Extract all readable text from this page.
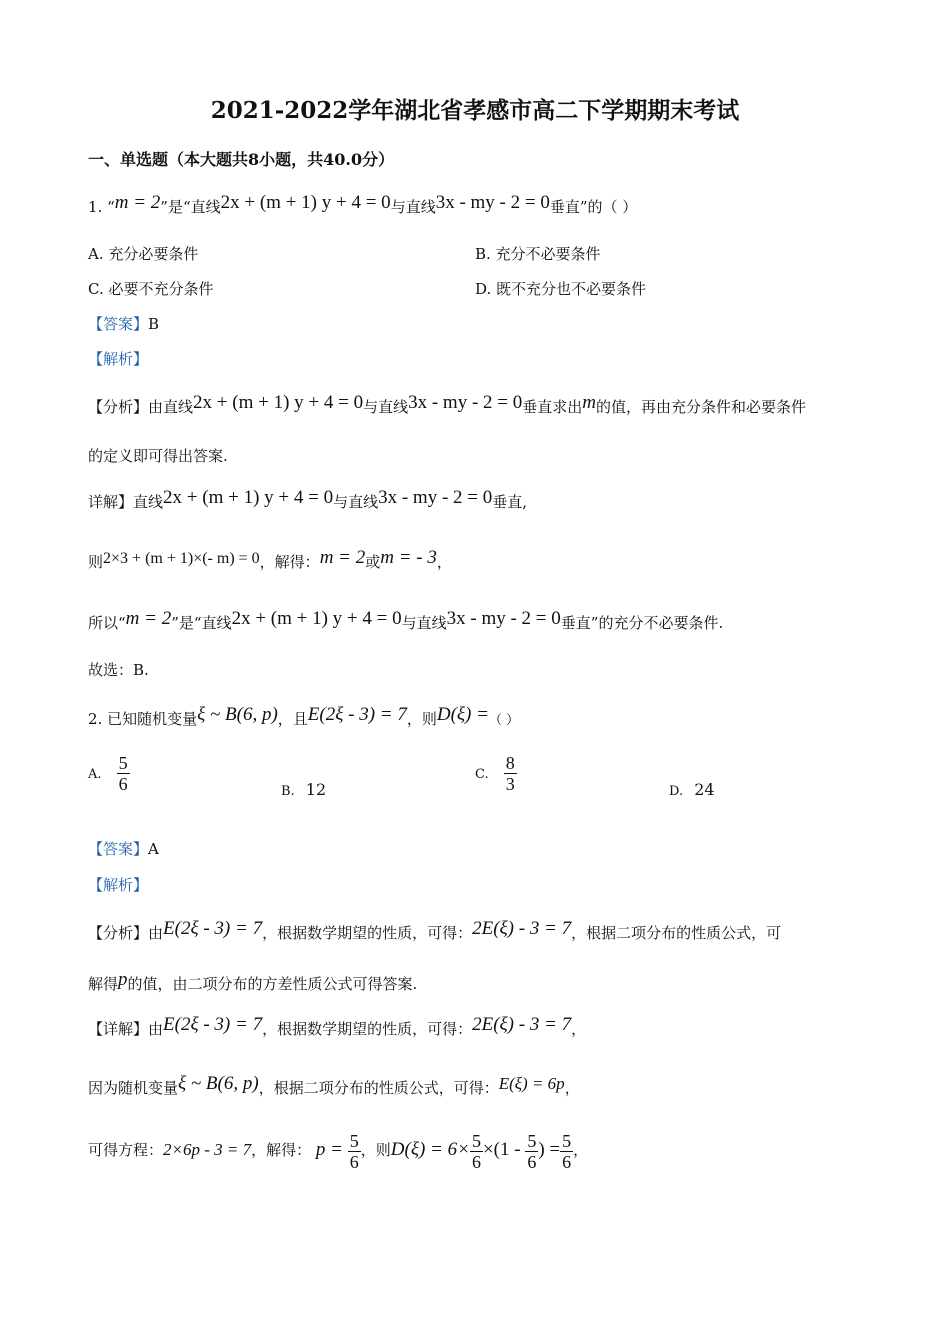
2021-2022学年湖北省孝感市高二下学期期末考试
一、单选题（本大题共8小题，共40.0分）
1. “m = 2”是“直线2x + (m + 1) y + 4 = 0与直线3x - my - 2 = 0垂直”的（ ）
A. 充分必要条件	B. 充分不必要条件
C. 必要不充分条件	D. 既不充分也不必要条件
【答案】B
【解析】
【分析】由直线2x + (m + 1) y + 4 = 0与直线3x - my - 2 = 0垂直求出m的值，再由充分条件和必要条件
的定义即可得出答案.
详解】直线2x + (m + 1) y + 4 = 0与直线3x - my - 2 = 0垂直,
则2×3 + (m + 1)×(- m) = 0，解得：m = 2或m = - 3，
所以“m = 2”是“直线2x + (m + 1) y + 4 = 0与直线3x - my - 2 = 0垂直”的充分不必要条件.
故选：B.
2. 已知随机变量ξ ~ B(6, p)，且E(2ξ - 3) = 7，则D(ξ) =（ ）
A. $\frac{5}{6}$	B. 12
C. $\frac{8}{3}$	D. 24
【答案】A
【解析】
【分析】由E(2ξ - 3) = 7，根据数学期望的性质，可得：2E(ξ) - 3 = 7，根据二项分布的性质公式，可
解得p的值，由二项分布的方差性质公式可得答案.
【详解】由E(2ξ - 3) = 7，根据数学期望的性质，可得：2E(ξ) - 3 = 7，
因为随机变量ξ ~ B(6, p)，根据二项分布的性质公式，可得：E(ξ) = 6p，
可得方程：2×6p - 3 = 7，解得： $p = \frac{5}{6}$ ，则$D(\xi) = 6\times \frac{5}{6} \times(1 - \frac{5}{6}$ ) = $\frac{5}{6}$ ，
